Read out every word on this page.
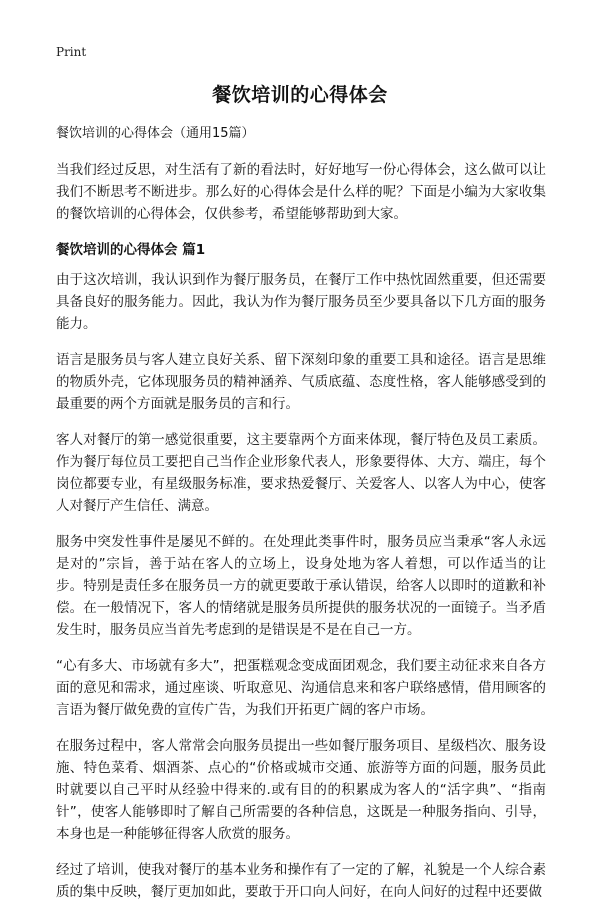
Print
餐饮培训的心得体会

餐饮培训的心得体会（通用15篇）

当我们经过反思，对生活有了新的看法时，好好地写一份心得体会，这么做可以让我们不断思考不断进步。那么好的心得体会是什么样的呢？下面是小编为大家收集的餐饮培训的心得体会，仅供参考，希望能够帮助到大家。

餐饮培训的心得体会 篇1

由于这次培训，我认识到作为餐厅服务员，在餐厅工作中热忱固然重要，但还需要具备良好的服务能力。因此，我认为作为餐厅服务员至少要具备以下几方面的服务能力。

语言是服务员与客人建立良好关系、留下深刻印象的重要工具和途径。语言是思维的物质外壳，它体现服务员的精神涵养、气质底蕴、态度性格，客人能够感受到的最重要的两个方面就是服务员的言和行。

客人对餐厅的第一感觉很重要，这主要靠两个方面来体现，餐厅特色及员工素质。作为餐厅每位员工要把自己当作企业形象代表人，形象要得体、大方、端庄，每个岗位都要专业，有星级服务标准，要求热爱餐厅、关爱客人、以客人为中心，使客人对餐厅产生信任、满意。

服务中突发性事件是屡见不鲜的。在处理此类事件时，服务员应当秉承“客人永远是对的”宗旨，善于站在客人的立场上，设身处地为客人着想，可以作适当的让步。特别是责任多在服务员一方的就更要敢于承认错误，给客人以即时的道歉和补偿。在一般情况下，客人的情绪就是服务员所提供的服务状况的一面镜子。当矛盾发生时，服务员应当首先考虑到的是错误是不是在自己一方。

“心有多大、市场就有多大”，把蛋糕观念变成面团观念，我们要主动征求来自各方面的意见和需求，通过座谈、听取意见、沟通信息来和客户联络感情，借用顾客的言语为餐厅做免费的宣传广告，为我们开拓更广阔的客户市场。

在服务过程中，客人常常会向服务员提出一些如餐厅服务项目、星级档次、服务设施、特色菜肴、烟酒茶、点心的“价格或城市交通、旅游等方面的问题，服务员此时就要以自己平时从经验中得来的.或有目的的积累成为客人的“活字典”、“指南针”，使客人能够即时了解自己所需要的各种信息，这既是一种服务指向、引导，本身也是一种能够征得客人欣赏的服务。

经过了培训，使我对餐厅的基本业务和操作有了一定的了解，礼貌是一个人综合素质的集中反映，餐厅更加如此，要敢于开口向人问好，在向人问好的过程中还要做
